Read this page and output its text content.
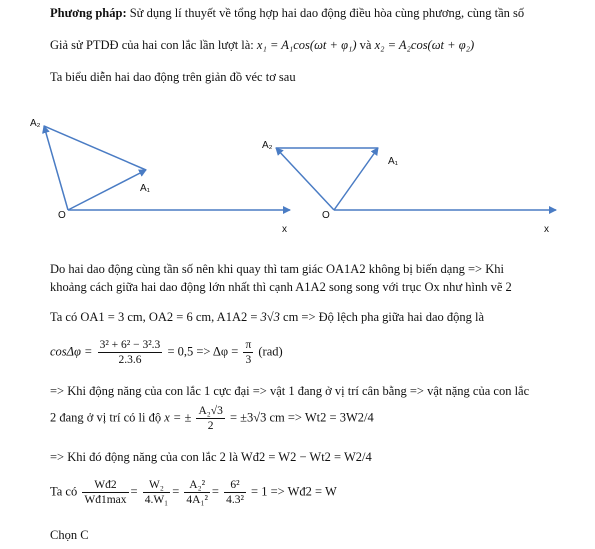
Phương pháp: Sử dụng lí thuyết về tổng hợp hai dao động điều hòa cùng phương, cùng tần số
Giả sử PTDĐ của hai con lắc lần lượt là: x₁ = A₁cos(ωt + φ₁) và x₂ = A₂cos(ωt + φ₂)
Ta biểu diễn hai dao động trên giản đồ véc tơ sau
A₂
A₁
O
x
A₂
A₁
O
x
Do hai dao động cùng tần số nên khi quay thì tam giác OA1A2 không bị biến dạng => Khi
khoảng cách giữa hai dao động lớn nhất thì cạnh A1A2 song song với trục Ox như hình vẽ 2
Ta có OA1 = 3 cm, OA2 = 6 cm, A1A2 = 3√3 cm => Độ lệch pha giữa hai dao động là
$\cos\Delta\varphi = \frac{\text{3² + 6² − 3².3}}{2.3.6} = 0,5 => \Delta\varphi = \frac{\pi}{3} (rad)$
=> Khi động năng của con lắc 1 cực đại => vật 1 đang ở vị trí cân bằng => vật nặng của con lắc
2 đang ở vị trí có li độ x = ± $\frac{\text{A₂√3}}{2} = \pm 3√3$ cm => Wt2 = 3W2/4
=> Khi đó động năng của con lắc 2 là Wđ2 = W2 − Wt2 = W2/4
Ta có $\frac{Wđ2}{Wđ1\max} = \frac{\text{W₂}}{\text{4.W₁}} = \frac{\text{A₂²}}{\text{4A₁²}} = \frac{\text{6²}}{\text{4.3²}} = 1$ => Wđ2 = W
Chọn C
